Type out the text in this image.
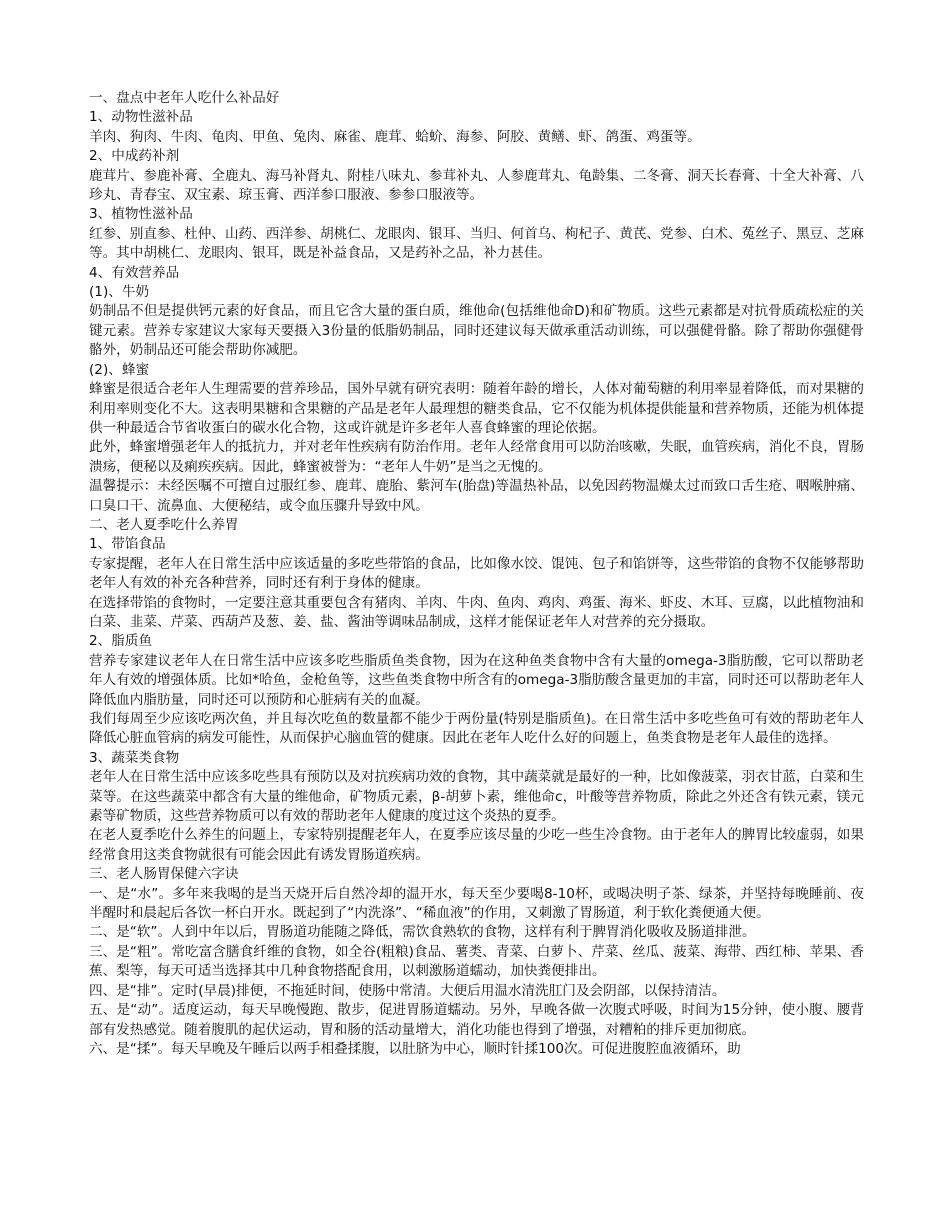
一、盘点中老年人吃什么补品好

1、动物性滋补品

羊肉、狗肉、牛肉、龟肉、甲鱼、兔肉、麻雀、鹿茸、蛤蚧、海参、阿胶、黄鳝、虾、鸽蛋、鸡蛋等。

2、中成药补剂

鹿茸片、参鹿补膏、全鹿丸、海马补肾丸、附桂八味丸、参茸补丸、人参鹿茸丸、龟龄集、二冬膏、洞天长春膏、十全大补膏、八珍丸、青春宝、双宝素、琼玉膏、西洋参口服液、参参口服液等。

3、植物性滋补品

红参、别直参、杜仲、山药、西洋参、胡桃仁、龙眼肉、银耳、当归、何首乌、枸杞子、黄芪、党参、白术、菟丝子、黑豆、芝麻等。其中胡桃仁、龙眼肉、银耳，既是补益食品，又是药补之品，补力甚佳。

4、有效营养品

(1)、牛奶

奶制品不但是提供钙元素的好食品，而且它含大量的蛋白质，维他命(包括维他命D)和矿物质。这些元素都是对抗骨质疏松症的关键元素。营养专家建议大家每天要摄入3份量的低脂奶制品，同时还建议每天做承重活动训练，可以强健骨骼。除了帮助你强健骨骼外，奶制品还可能会帮助你减肥。

(2)、蜂蜜

蜂蜜是很适合老年人生理需要的营养珍品，国外早就有研究表明：随着年龄的增长，人体对葡萄糖的利用率显着降低，而对果糖的利用率则变化不大。这表明果糖和含果糖的产品是老年人最理想的糖类食品，它不仅能为机体提供能量和营养物质，还能为机体提供一种最适合节省收蛋白的碳水化合物，这或许就是许多老年人喜食蜂蜜的理论依据。

此外，蜂蜜增强老年人的抵抗力，并对老年性疾病有防治作用。老年人经常食用可以防治咳嗽，失眠，血管疾病，消化不良，胃肠溃疡，便秘以及痢疾疾病。因此，蜂蜜被誉为：“老年人牛奶”是当之无愧的。

温馨提示：未经医嘱不可擅自过服红参、鹿茸、鹿胎、紫河车(胎盘)等温热补品，以免因药物温燥太过而致口舌生疮、咽喉肿痛、口臭口干、流鼻血、大便秘结，或令血压骤升导致中风。

二、老人夏季吃什么养胃

1、带馅食品

专家提醒，老年人在日常生活中应该适量的多吃些带馅的食品，比如像水饺、馄饨、包子和馅饼等，这些带馅的食物不仅能够帮助老年人有效的补充各种营养，同时还有利于身体的健康。

在选择带馅的食物时，一定要注意其重要包含有猪肉、羊肉、牛肉、鱼肉、鸡肉、鸡蛋、海米、虾皮、木耳、豆腐，以此植物油和白菜、韭菜、芹菜、西葫芦及葱、姜、盐、酱油等调味品制成，这样才能保证老年人对营养的充分摄取。

2、脂质鱼

营养专家建议老年人在日常生活中应该多吃些脂质鱼类食物，因为在这种鱼类食物中含有大量的omega-3脂肪酸，它可以帮助老年人有效的增强体质。比如*哈鱼，金枪鱼等，这些鱼类食物中所含有的omega-3脂肪酸含量更加的丰富，同时还可以帮助老年人降低血内脂肪量，同时还可以预防和心脏病有关的血凝。

我们每周至少应该吃两次鱼，并且每次吃鱼的数量都不能少于两份量(特别是脂质鱼)。在日常生活中多吃些鱼可有效的帮助老年人降低心脏血管病的病发可能性，从而保护心脑血管的健康。因此在老年人吃什么好的问题上，鱼类食物是老年人最佳的选择。

3、蔬菜类食物

老年人在日常生活中应该多吃些具有预防以及对抗疾病功效的食物，其中蔬菜就是最好的一种，比如像菠菜，羽衣甘蓝，白菜和生菜等。在这些蔬菜中都含有大量的维他命，矿物质元素，β-胡萝卜素，维他命c，叶酸等营养物质，除此之外还含有铁元素，镁元素等矿物质，这些营养物质可以有效的帮助老年人健康的度过这个炎热的夏季。

在老人夏季吃什么养生的问题上，专家特别提醒老年人，在夏季应该尽量的少吃一些生冷食物。由于老年人的脾胃比较虚弱，如果经常食用这类食物就很有可能会因此有诱发胃肠道疾病。

三、老人肠胃保健六字诀

一、是“水”。多年来我喝的是当天烧开后自然冷却的温开水，每天至少要喝8-10杯，或喝决明子茶、绿茶，并坚持每晚睡前、夜半醒时和晨起后各饮一杯白开水。既起到了“内洗涤”、“稀血液”的作用，又刺激了胃肠道，利于软化粪便通大便。

二、是“软”。人到中年以后，胃肠道功能随之降低，需饮食熟软的食物，这样有利于脾胃消化吸收及肠道排泄。

三、是“粗”。常吃富含膳食纤维的食物，如全谷(粗粮)食品、薯类、青菜、白萝卜、芹菜、丝瓜、菠菜、海带、西红柿、苹果、香蕉、梨等，每天可适当选择其中几种食物搭配食用，以刺激肠道蠕动，加快粪便排出。

四、是“排”。定时(早晨)排便，不拖延时间，使肠中常清。大便后用温水清洗肛门及会阴部，以保持清洁。

五、是“动”。适度运动，每天早晚慢跑、散步，促进胃肠道蠕动。另外，早晚各做一次腹式呼吸，时间为15分钟，使小腹、腰背部有发热感觉。随着腹肌的起伏运动，胃和肠的活动量增大，消化功能也得到了增强，对糟粕的排斥更加彻底。

六、是“揉”。每天早晚及午睡后以两手相叠揉腹，以肚脐为中心，顺时针揉100次。可促进腹腔血液循环，助
